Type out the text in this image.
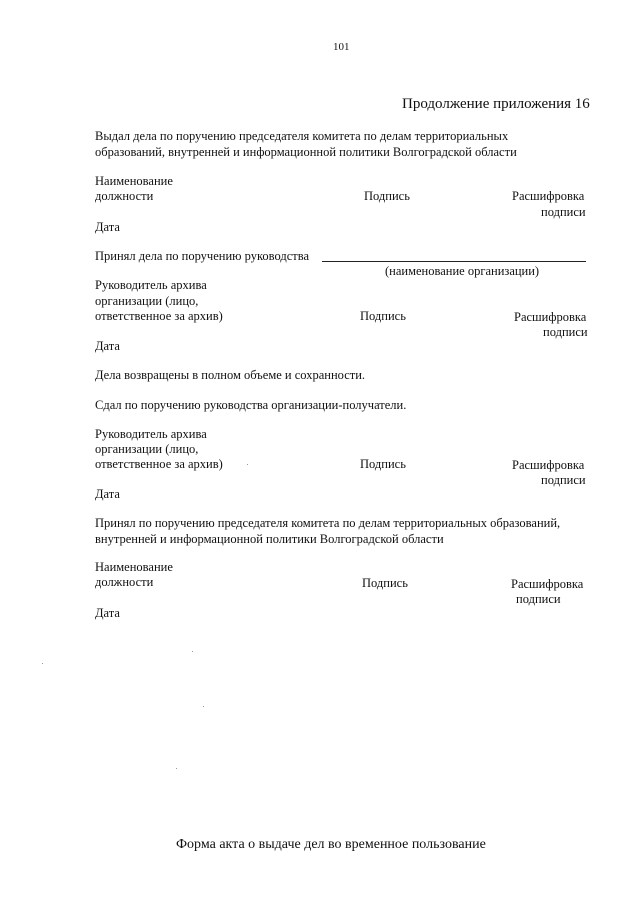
101
Продолжение приложения 16
Выдал дела по поручению председателя комитета по делам территориальных
образований, внутренней и информационной политики Волгоградской области
Наименование
должности	Подпись	Расшифровка
подписи
Дата
Принял дела по поручению руководства
(наименование организации)
Руководитель архива
организации (лицо,
ответственное за архив)	Подпись	Расшифровка
подписи
Дата
Дела возвращены в полном объеме и сохранности.
Сдал по поручению руководства организации-получатели.
Руководитель архива
организации (лицо,
ответственное за архив)	Подпись	Расшифровка
подписи
Дата
Принял по поручению председателя комитета по делам территориальных образований,
внутренней и информационной политики Волгоградской области
Наименование
должности	Подпись	Расшифровка
подписи
Дата
Форма акта о выдаче дел во временное пользование
